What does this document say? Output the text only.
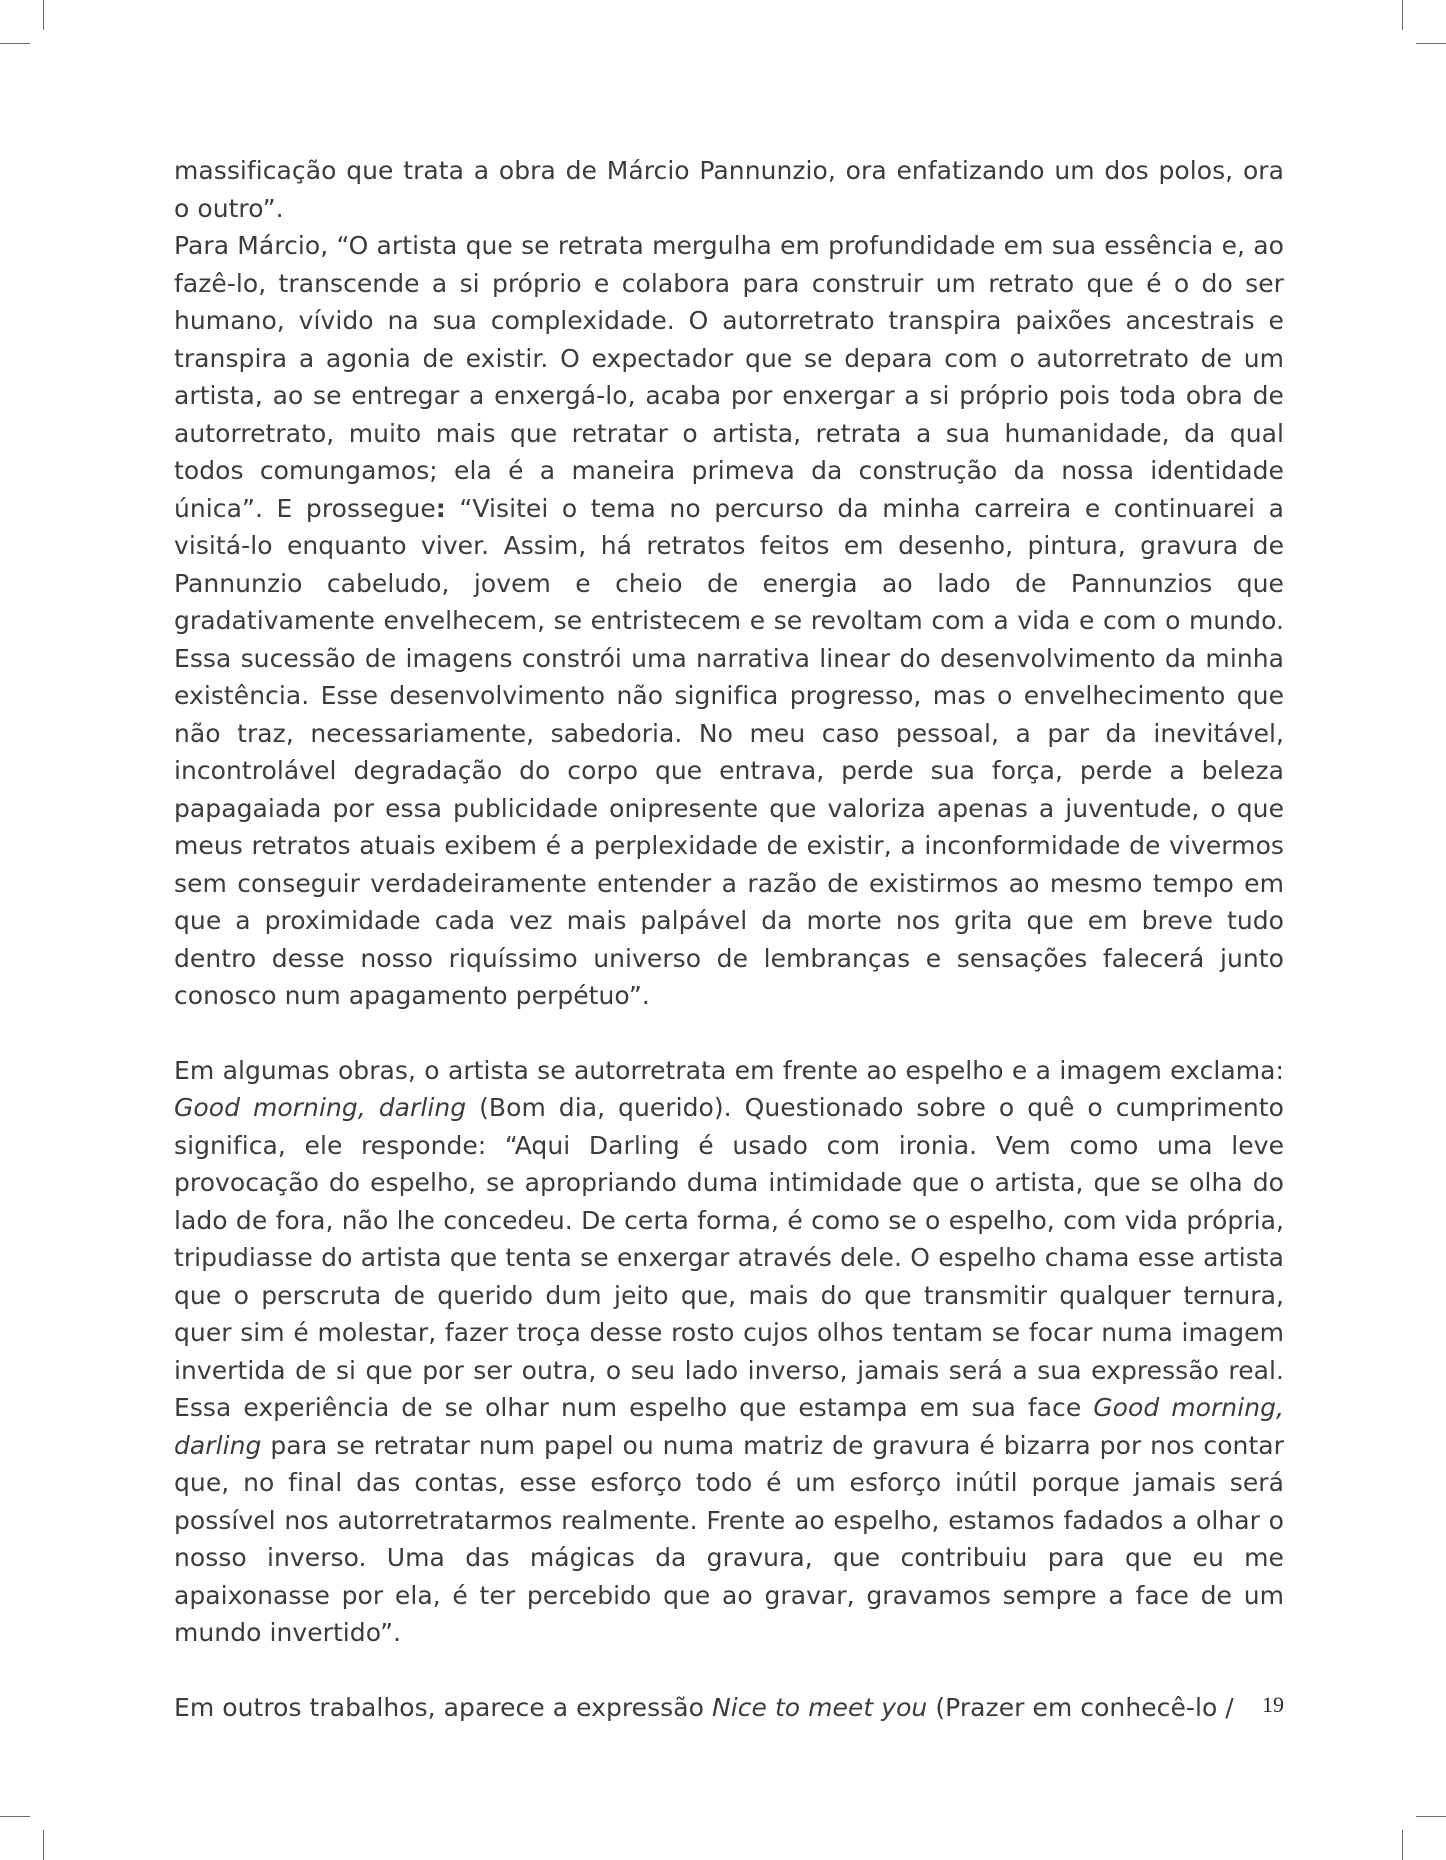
massificação que trata a obra de Márcio Pannunzio, ora enfatizando um dos polos, ora o outro”.

Para Márcio, “O artista que se retrata mergulha em profundidade em sua essência e, ao fazê-lo, transcende a si próprio e colabora para construir um retrato que é o do ser humano, vívido na sua complexidade. O autorretrato transpira paixões ancestrais e transpira a agonia de existir. O expectador que se depara com o autorretrato de um artista, ao se entregar a enxergá-lo, acaba por enxergar a si próprio pois toda obra de autorretrato, muito mais que retratar o artista, retrata a sua humanidade, da qual todos comungamos; ela é a maneira primeva da construção da nossa identidade única”. E prossegue: “Visitei o tema no percurso da minha carreira e continuarei a visitá-lo enquanto viver. Assim, há retratos feitos em desenho, pintura, gravura de Pannunzio cabeludo, jovem e cheio de energia ao lado de Pannunzios que gradativamente envelhecem, se entristecem e se revoltam com a vida e com o mundo. Essa sucessão de imagens constrói uma narrativa linear do desenvolvimento da minha existência. Esse desenvolvimento não significa progresso, mas o envelhecimento que não traz, necessariamente, sabedoria. No meu caso pessoal, a par da inevitável, incontrolável degradação do corpo que entrava, perde sua força, perde a beleza papagaiada por essa publicidade onipresente que valoriza apenas a juventude, o que meus retratos atuais exibem é a perplexidade de existir, a inconformidade de vivermos sem conseguir verdadeiramente entender a razão de existirmos ao mesmo tempo em que a proximidade cada vez mais palpável da morte nos grita que em breve tudo dentro desse nosso riquíssimo universo de lembranças e sensações falecerá junto conosco num apagamento perpétuo”.

Em algumas obras, o artista se autorretrata em frente ao espelho e a imagem exclama: Good morning, darling (Bom dia, querido). Questionado sobre o quê o cumprimento significa, ele responde: “Aqui Darling é usado com ironia. Vem como uma leve provocação do espelho, se apropriando duma intimidade que o artista, que se olha do lado de fora, não lhe concedeu. De certa forma, é como se o espelho, com vida própria, tripudiasse do artista que tenta se enxergar através dele. O espelho chama esse artista que o perscruta de querido dum jeito que, mais do que transmitir qualquer ternura, quer sim é molestar, fazer troça desse rosto cujos olhos tentam se focar numa imagem invertida de si que por ser outra, o seu lado inverso, jamais será a sua expressão real. Essa experiência de se olhar num espelho que estampa em sua face Good morning, darling para se retratar num papel ou numa matriz de gravura é bizarra por nos contar que, no final das contas, esse esforço todo é um esforço inútil porque jamais será possível nos autorretratarmos realmente. Frente ao espelho, estamos fadados a olhar o nosso inverso. Uma das mágicas da gravura, que contribuiu para que eu me apaixonasse por ela, é ter percebido que ao gravar, gravamos sempre a face de um mundo invertido”.

Em outros trabalhos, aparece a expressão Nice to meet you (Prazer em conhecê-lo /	19
